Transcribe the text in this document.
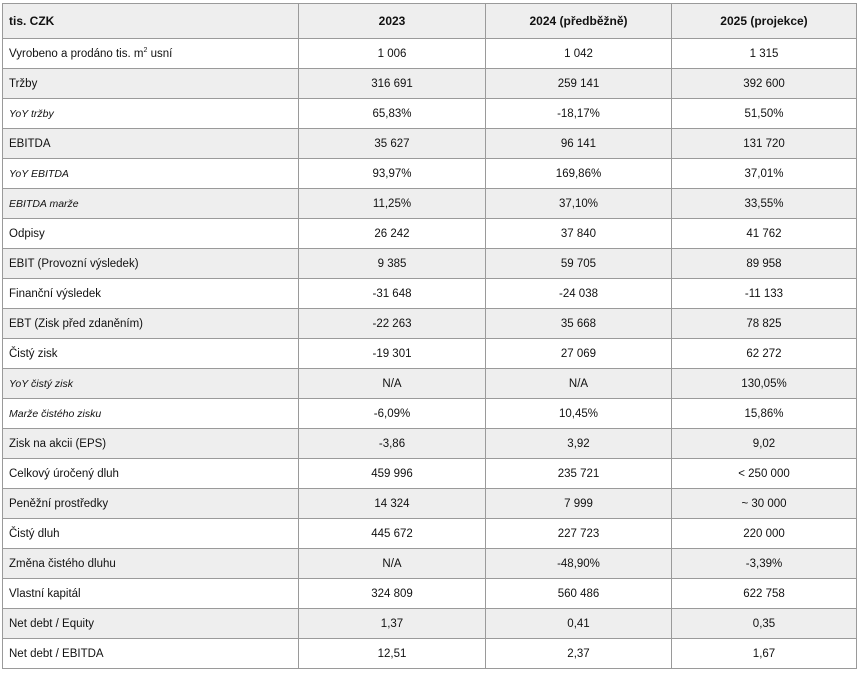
tis. CZK	2023	2024 (předběžně)	2025 (projekce)
Vyrobeno a prodáno tis. $m^2$ usní	1 006	1 042	1 315
Tržby	316 691	259 141	392 600
YoY tržby	65,83%	-18,17%	51,50%
EBITDA	35 627	96 141	131 720
YoY EBITDA	93,97%	169,86%	37,01%
EBITDA marže	11,25%	37,10%	33,55%
Odpisy	26 242	37 840	41 762
EBIT (Provozní výsledek)	9 385	59 705	89 958
Finanční výsledek	-31 648	-24 038	-11 133
EBT (Zisk před zdaněním)	-22 263	35 668	78 825
Čistý zisk	-19 301	27 069	62 272
YoY čistý zisk	N/A	N/A	130,05%
Marže čistého zisku	-6,09%	10,45%	15,86%
Zisk na akcii (EPS)	-3,86	3,92	9,02
Celkový úročený dluh	459 996	235 721	< 250 000
Peněžní prostředky	14 324	7 999	~ 30 000
Čistý dluh	445 672	227 723	220 000
Změna čistého dluhu	N/A	-48,90%	-3,39%
Vlastní kapitál	324 809	560 486	622 758
Net debt / Equity	1,37	0,41	0,35
Net debt / EBITDA	12,51	2,37	1,67
